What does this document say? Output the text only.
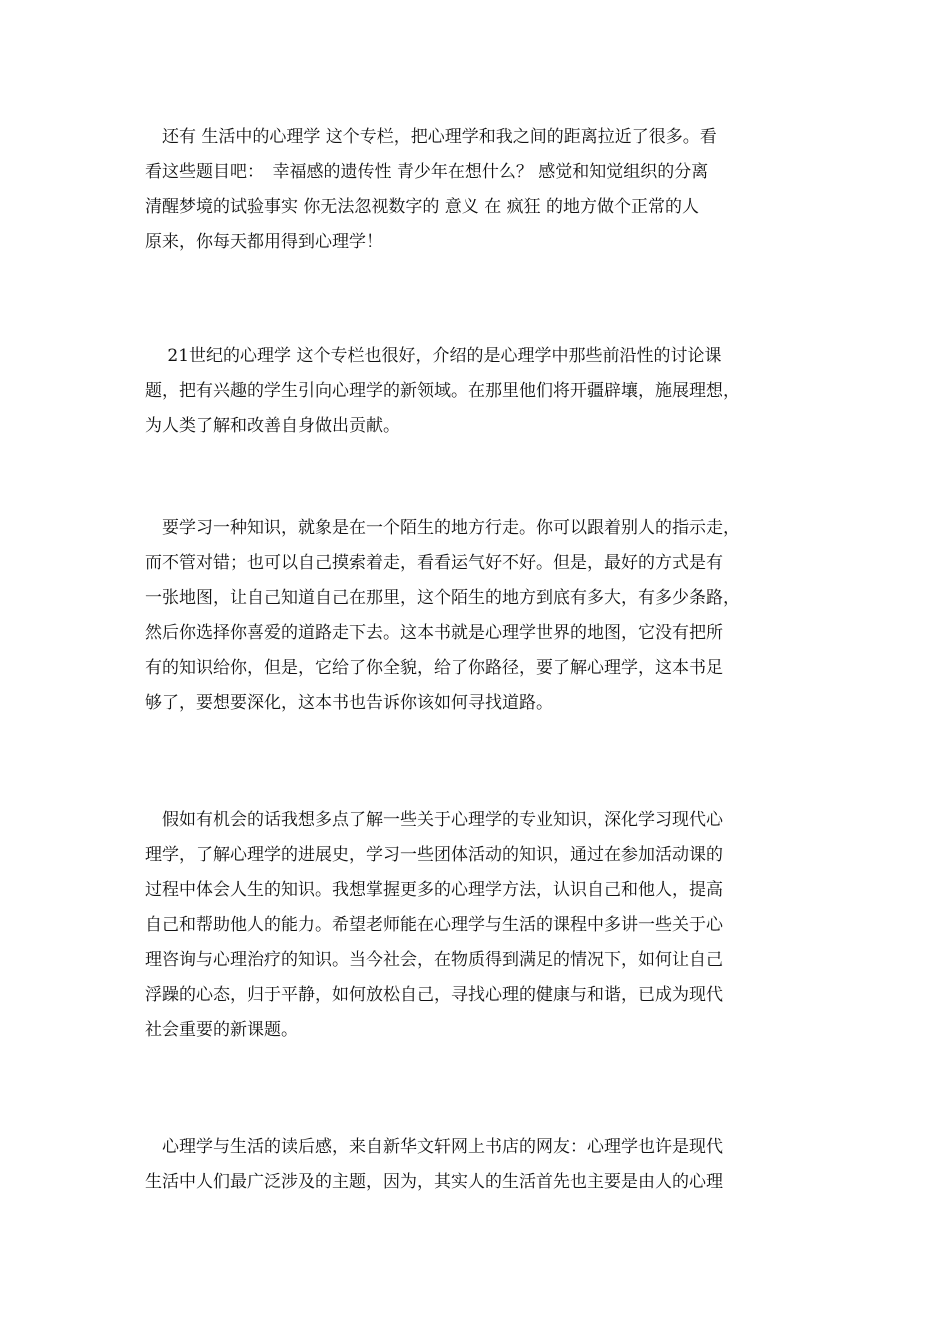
　还有 生活中的心理学 这个专栏，把心理学和我之间的距离拉近了很多。看
看这些题目吧：　幸福感的遗传性 青少年在想什么？ 感觉和知觉组织的分离
清醒梦境的试验事实 你无法忽视数字的 意义 在 疯狂 的地方做个正常的人
原来，你每天都用得到心理学！
　 21世纪的心理学 这个专栏也很好，介绍的是心理学中那些前沿性的讨论课
题，把有兴趣的学生引向心理学的新领域。在那里他们将开疆辟壤，施展理想，
为人类了解和改善自身做出贡献。
　要学习一种知识，就象是在一个陌生的地方行走。你可以跟着别人的指示走，
而不管对错；也可以自己摸索着走，看看运气好不好。但是，最好的方式是有
一张地图，让自己知道自己在那里，这个陌生的地方到底有多大，有多少条路，
然后你选择你喜爱的道路走下去。这本书就是心理学世界的地图，它没有把所
有的知识给你，但是，它给了你全貌，给了你路径，要了解心理学，这本书足
够了，要想要深化，这本书也告诉你该如何寻找道路。
　假如有机会的话我想多点了解一些关于心理学的专业知识，深化学习现代心
理学，了解心理学的进展史，学习一些团体活动的知识，通过在参加活动课的
过程中体会人生的知识。我想掌握更多的心理学方法，认识自己和他人，提高
自己和帮助他人的能力。希望老师能在心理学与生活的课程中多讲一些关于心
理咨询与心理治疗的知识。当今社会，在物质得到满足的情况下，如何让自己
浮躁的心态，归于平静，如何放松自己，寻找心理的健康与和谐，已成为现代
社会重要的新课题。
　心理学与生活的读后感，来自新华文轩网上书店的网友：心理学也许是现代
生活中人们最广泛涉及的主题，因为，其实人的生活首先也主要是由人的心理
